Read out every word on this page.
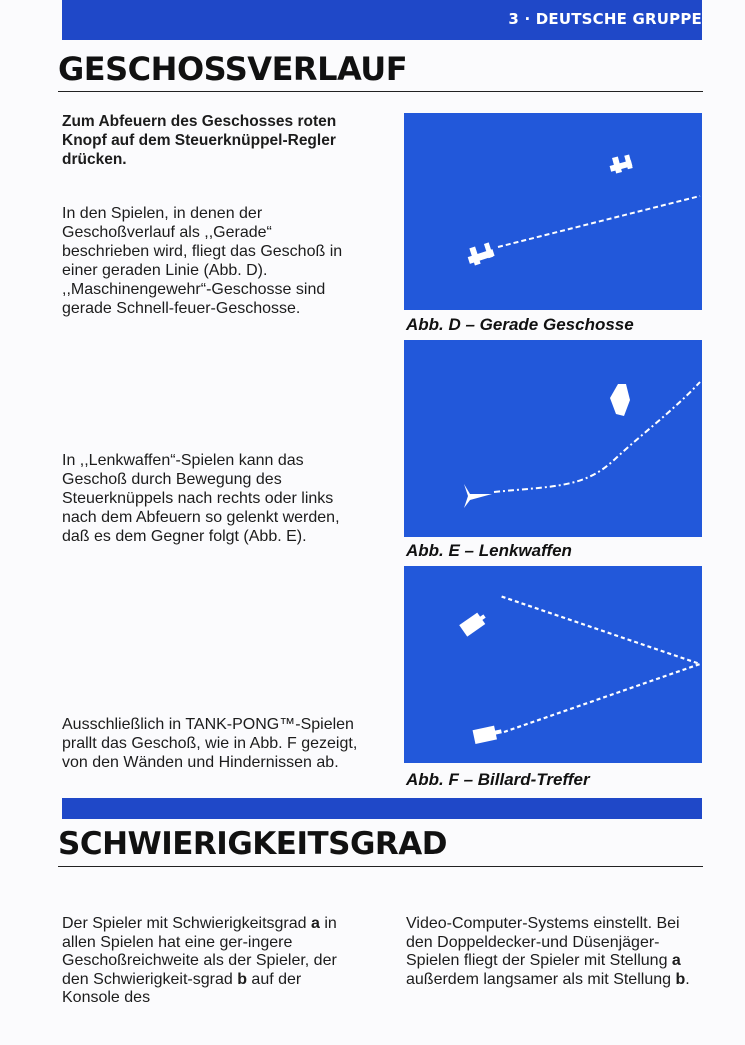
3 · DEUTSCHE GRUPPE
GESCHOSSVERLAUF
Zum Abfeuern des Geschosses roten Knopf auf dem Steuerknüppel-Regler drücken.
In den Spielen, in denen der Geschoßverlauf als ,,Gerade“ beschrieben wird, fliegt das Geschoß in einer geraden Linie (Abb. D). ,,Maschinengewehr“-Geschosse sind gerade Schnell-feuer-Geschosse.
In ,,Lenkwaffen“-Spielen kann das Geschoß durch Bewegung des Steuerknüppels nach rechts oder links nach dem Abfeuern so gelenkt werden, daß es dem Gegner folgt (Abb. E).
Ausschließlich in TANK-PONG™-Spielen prallt das Geschoß, wie in Abb. F gezeigt, von den Wänden und Hindernissen ab.
Abb. D – Gerade Geschosse
Abb. E – Lenkwaffen
Abb. F – Billard-Treffer
SCHWIERIGKEITSGRAD
Der Spieler mit Schwierigkeitsgrad a in allen Spielen hat eine ger-ingere Geschoßreichweite als der Spieler, der den Schwierigkeit-sgrad b auf der Konsole des
Video-Computer-Systems einstellt. Bei den Doppeldecker-und Düsenjäger-Spielen fliegt der Spieler mit Stellung a außerdem langsamer als mit Stellung b.
